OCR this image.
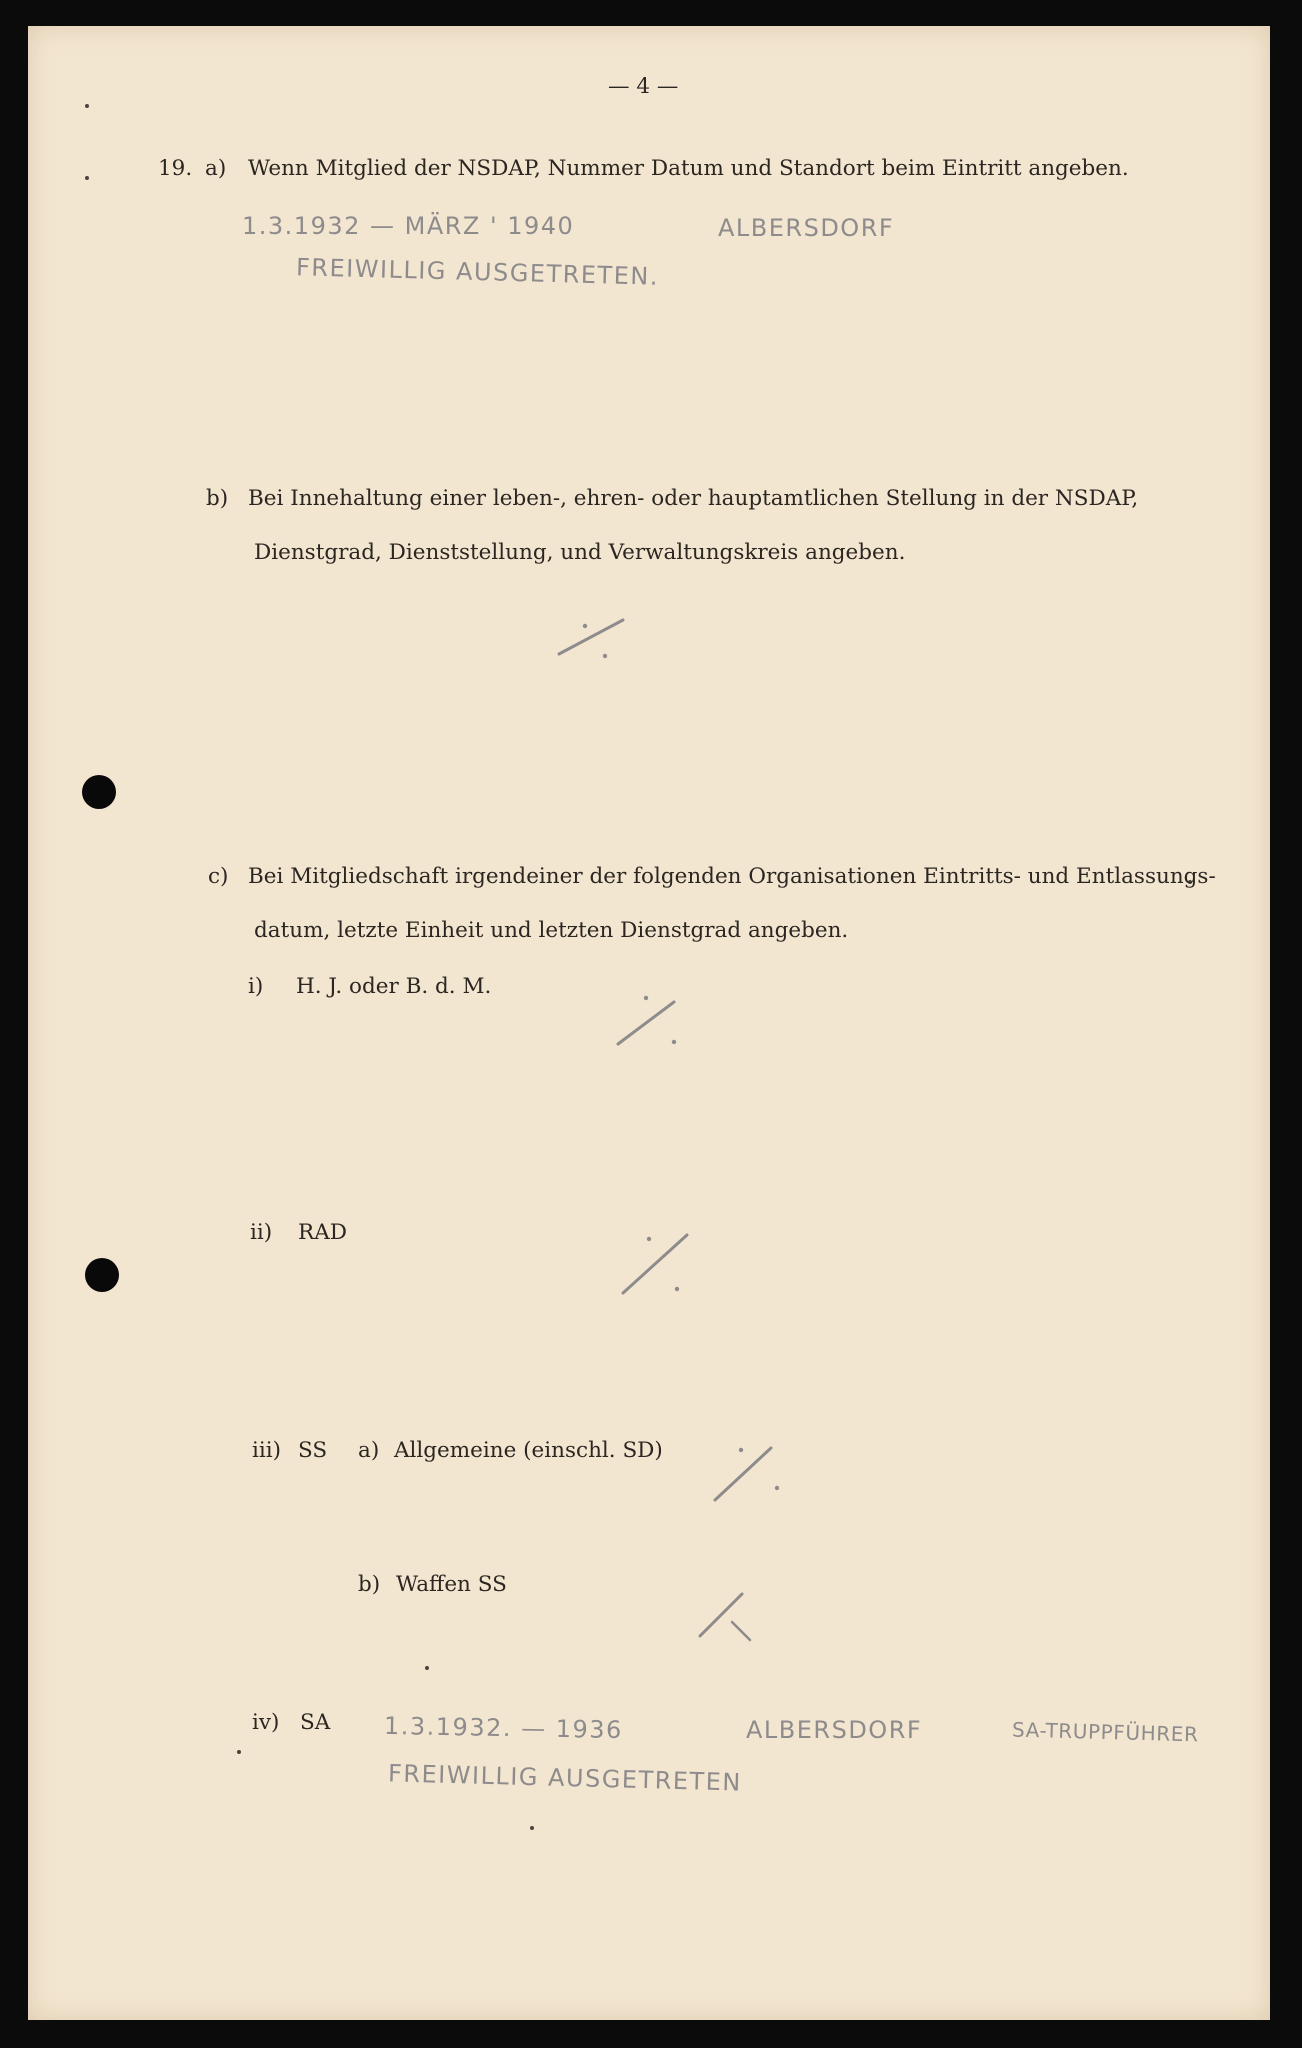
— 4 —
19. a) Wenn Mitglied der NSDAP, Nummer Datum und Standort beim Eintritt angeben.
1.3.1932 — MÄRZ ' 1940	ALBERSDORF
FREIWILLIG AUSGETRETEN.
b) Bei Innehaltung einer leben-, ehren- oder hauptamtlichen Stellung in der NSDAP,
Dienstgrad, Dienststellung, und Verwaltungskreis angeben.
c) Bei Mitgliedschaft irgendeiner der folgenden Organisationen Eintritts- und Entlassungs-
datum, letzte Einheit und letzten Dienstgrad angeben.
i) H. J. oder B. d. M.
ii) RAD
iii) SS a) Allgemeine (einschl. SD)
b) Waffen SS
iv) SA 1.3.1932. — 1936	ALBERSDORF	SA-TRUPPFÜHRER
FREIWILLIG AUSGETRETEN
